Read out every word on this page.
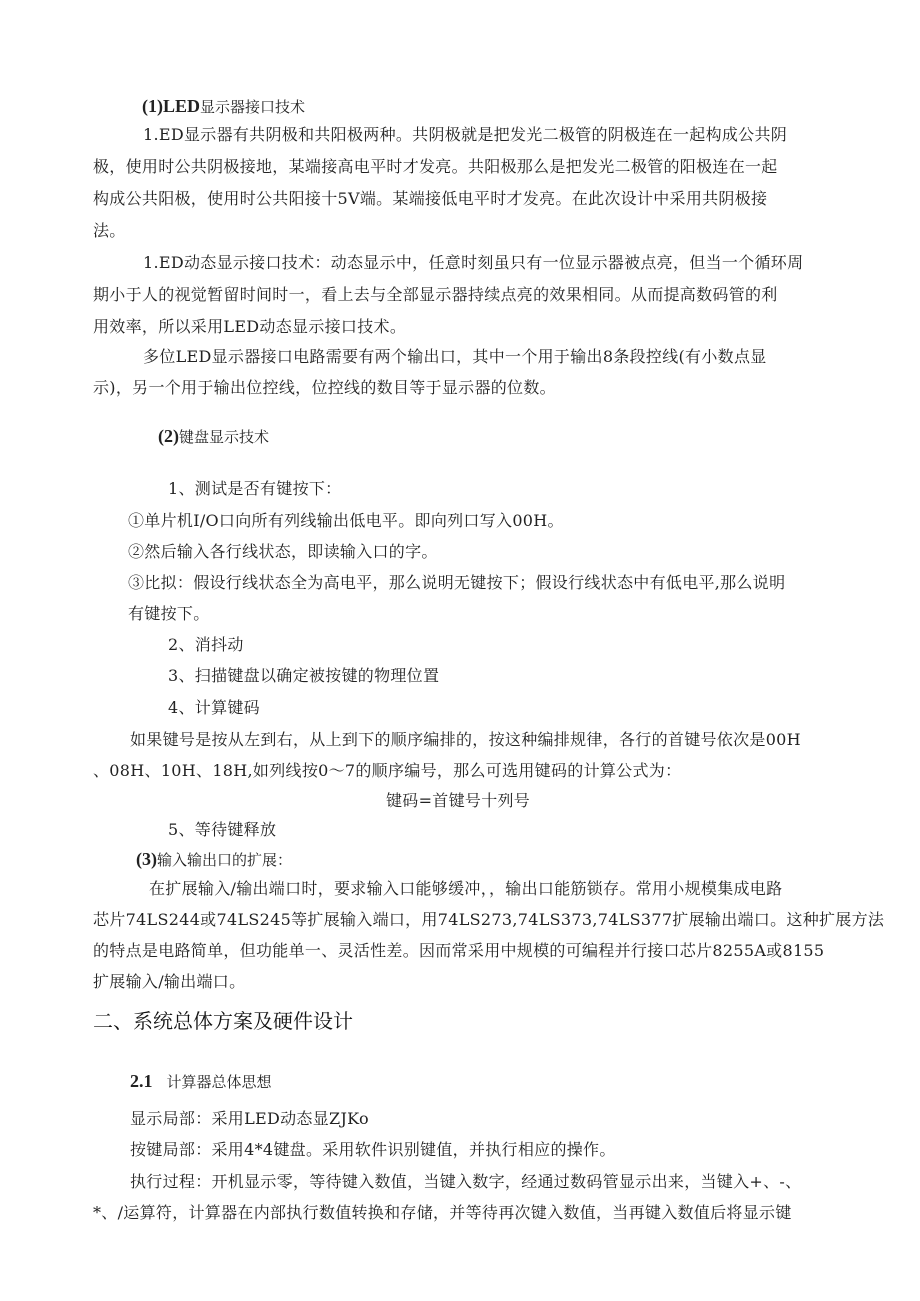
(1)LED显示器接口技术
1.ED显示器有共阴极和共阳极两种。共阴极就是把发光二极管的阴极连在一起构成公共阴
极，使用时公共阴极接地，某端接高电平时才发亮。共阳极那么是把发光二极管的阳极连在一起
构成公共阳极，使用时公共阳接十5V端。某端接低电平时才发亮。在此次设计中采用共阴极接
法。
1.ED动态显示接口技术：动态显示中，任意时刻虽只有一位显示器被点亮，但当一个循环周
期小于人的视觉暂留时间时一，看上去与全部显示器持续点亮的效果相同。从而提高数码管的利
用效率，所以采用LED动态显示接口技术。
多位LED显示器接口电路需要有两个输出口，其中一个用于输出8条段控线(有小数点显
示)，另一个用于输出位控线，位控线的数目等于显示器的位数。
(2)键盘显示技术
1、测试是否有键按下：
①单片机I/O口向所有列线输出低电平。即向列口写入00H。
②然后输入各行线状态，即读输入口的字。
③比拟：假设行线状态全为高电平，那么说明无键按下；假设行线状态中有低电平,那么说明
有键按下。
2、消抖动
3、扫描键盘以确定被按键的物理位置
4、计算键码
如果键号是按从左到右，从上到下的顺序编排的，按这种编排规律，各行的首键号依次是00H
、08H、10H、18H,如列线按0～7的顺序编号，那么可选用键码的计算公式为：
键码=首键号十列号
5、等待键释放
(3)输入输出口的扩展：
在扩展输入/输出端口时，要求输入口能够缓冲，，输出口能筋锁存。常用小规模集成电路
芯片74LS244或74LS245等扩展输入端口，用74LS273,74LS373,74LS377扩展输出端口。这种扩展方法
的特点是电路简单，但功能单一、灵活性差。因而常采用中规模的可编程并行接口芯片8255A或8155
扩展输入/输出端口。
二、系统总体方案及硬件设计
2.1 计算器总体思想
显示局部：采用LED动态显ZJKo
按键局部：采用4*4键盘。采用软件识别键值，并执行相应的操作。
执行过程：开机显示零，等待键入数值，当键入数字，经通过数码管显示出来，当键入+、-、
*、/运算符，计算器在内部执行数值转换和存储，并等待再次键入数值，当再键入数值后将显示键
